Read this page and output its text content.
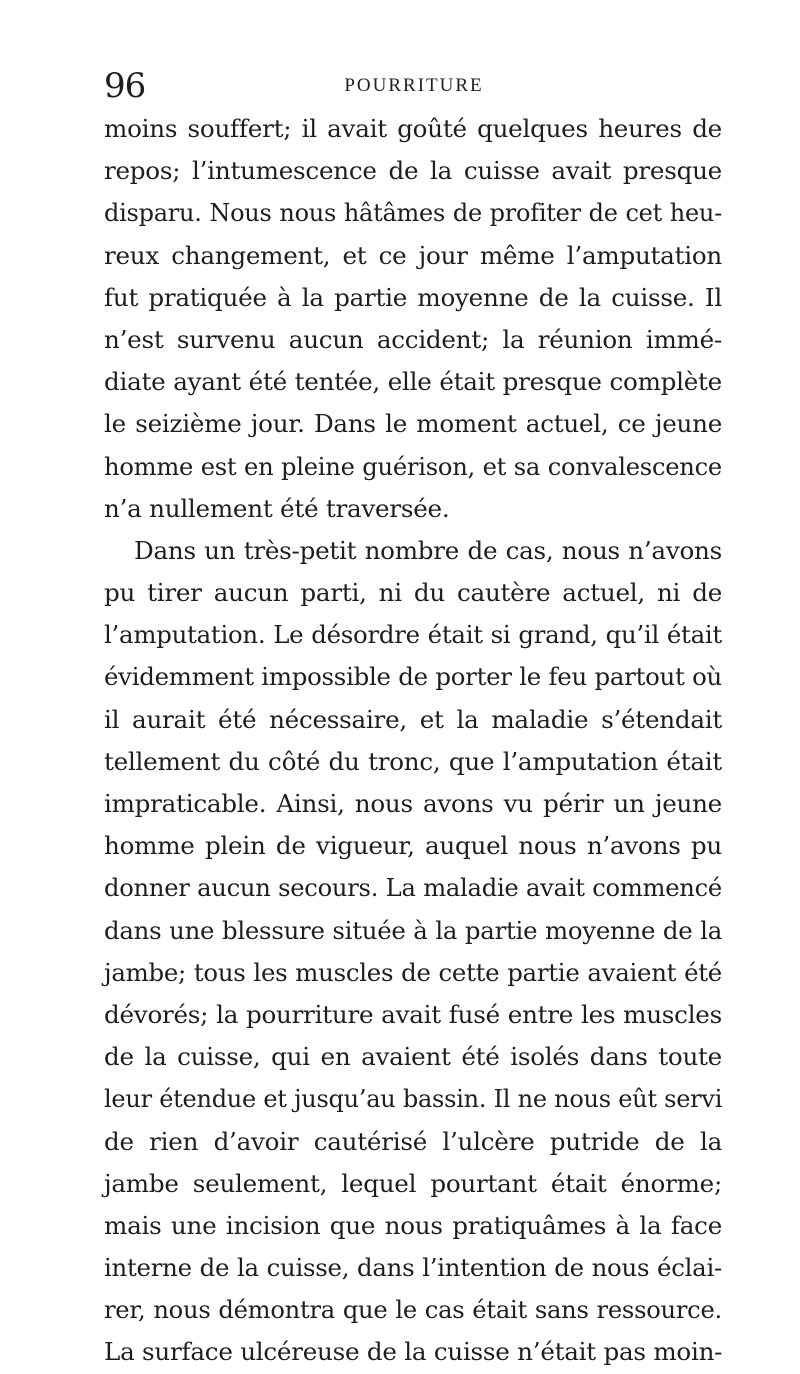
96	POURRITURE
moins souffert; il avait goûté quelques heures de
repos; l’intumescence de la cuisse avait presque
disparu. Nous nous hâtâmes de profiter de cet heu-
reux changement, et ce jour même l’amputation
fut pratiquée à la partie moyenne de la cuisse. Il
n’est survenu aucun accident; la réunion immé-
diate ayant été tentée, elle était presque complète
le seizième jour. Dans le moment actuel, ce jeune
homme est en pleine guérison, et sa convalescence
n’a nullement été traversée.
Dans un très-petit nombre de cas, nous n’avons
pu tirer aucun parti, ni du cautère actuel, ni de
l’amputation. Le désordre était si grand, qu’il était
évidemment impossible de porter le feu partout où
il aurait été nécessaire, et la maladie s’étendait
tellement du côté du tronc, que l’amputation était
impraticable. Ainsi, nous avons vu périr un jeune
homme plein de vigueur, auquel nous n’avons pu
donner aucun secours. La maladie avait commencé
dans une blessure située à la partie moyenne de la
jambe; tous les muscles de cette partie avaient été
dévorés; la pourriture avait fusé entre les muscles
de la cuisse, qui en avaient été isolés dans toute
leur étendue et jusqu’au bassin. Il ne nous eût servi
de rien d’avoir cautérisé l’ulcère putride de la
jambe seulement, lequel pourtant était énorme;
mais une incision que nous pratiquâmes à la face
interne de la cuisse, dans l’intention de nous éclai-
rer, nous démontra que le cas était sans ressource.
La surface ulcéreuse de la cuisse n’était pas moin-
